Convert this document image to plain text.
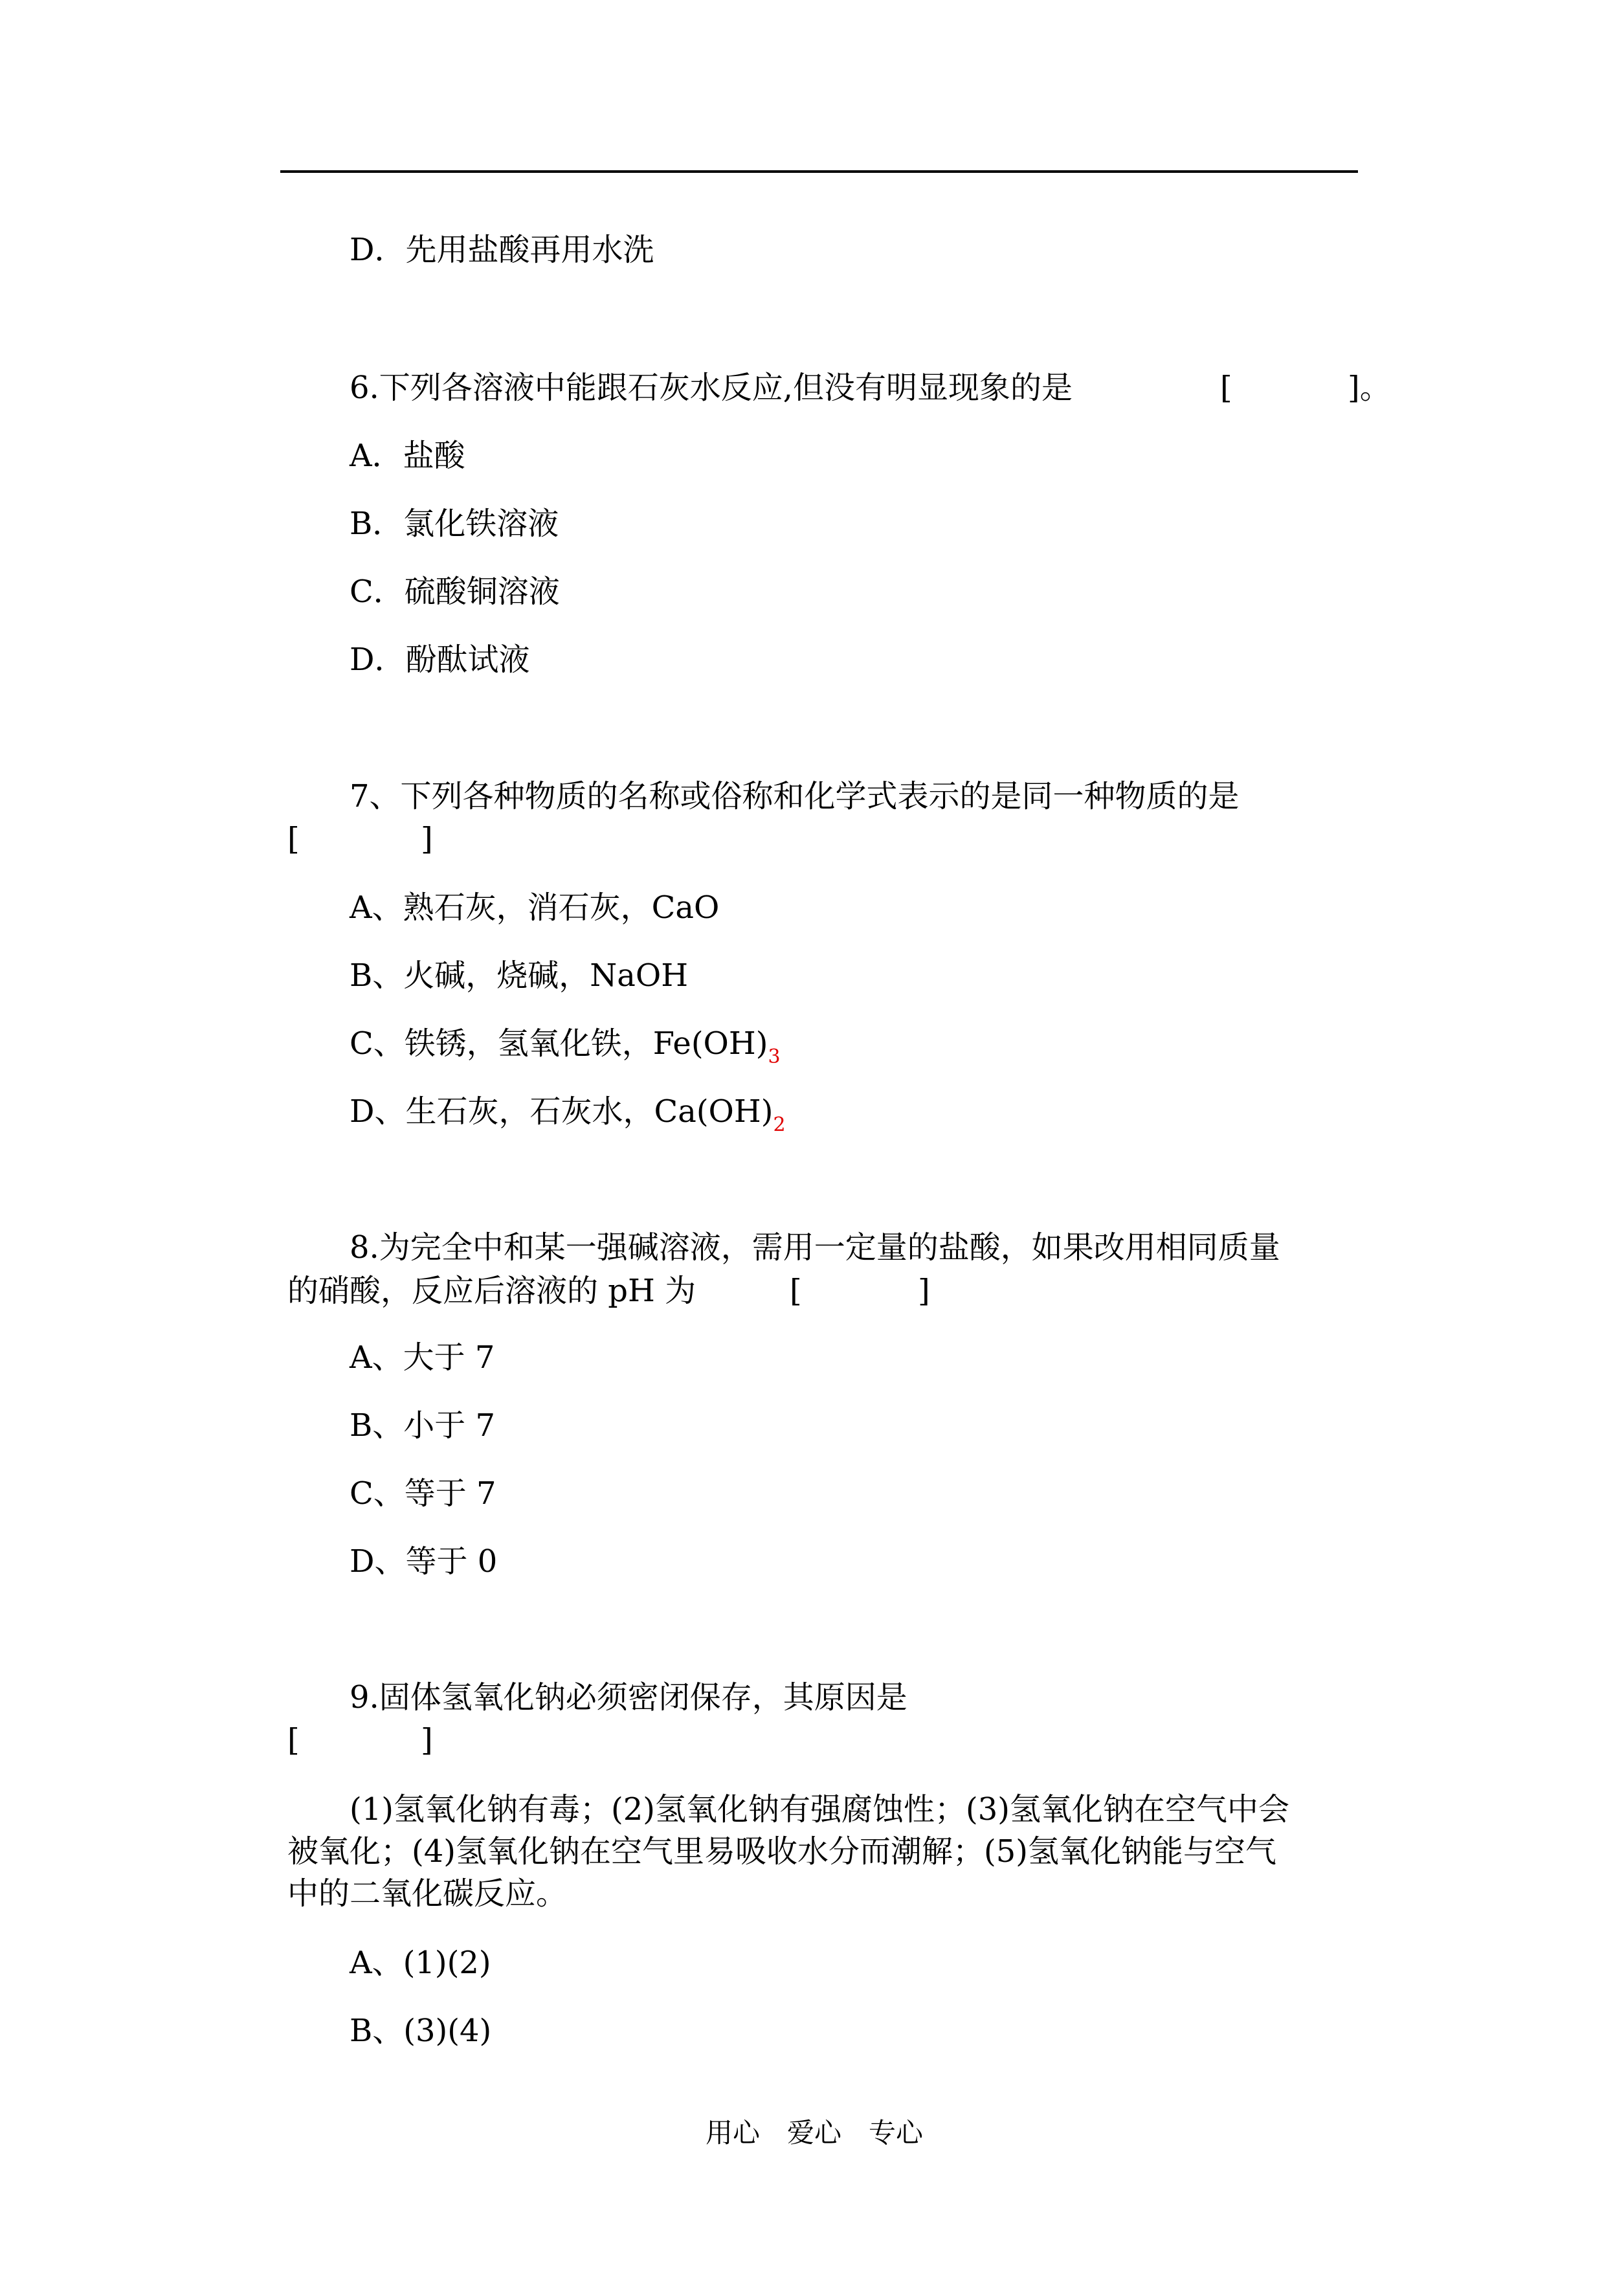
D．先用盐酸再用水洗
6.下列各溶液中能跟石灰水反应,但没有明显现象的是	[	]。
A．盐酸
B．氯化铁溶液
C．硫酸铜溶液
D．酚酞试液
7、下列各种物质的名称或俗称和化学式表示的是同一种物质的是
[	]
A、熟石灰，消石灰，CaO
B、火碱，烧碱，NaOH
C、铁锈，氢氧化铁，$Fe(OH)_3$
D、生石灰，石灰水，$Ca(OH)_2$
8.为完全中和某一强碱溶液，需用一定量的盐酸，如果改用相同质量
的硝酸，反应后溶液的 pH 为	[	]
A、大于 7
B、小于 7
C、等于 7
D、等于 0
9.固体氢氧化钠必须密闭保存，其原因是
[	]
(1)氢氧化钠有毒；(2)氢氧化钠有强腐蚀性；(3)氢氧化钠在空气中会
被氧化；(4)氢氧化钠在空气里易吸收水分而潮解；(5)氢氧化钠能与空气
中的二氧化碳反应。
A、(1)(2)
B、(3)(4)
用心　爱心　专心
